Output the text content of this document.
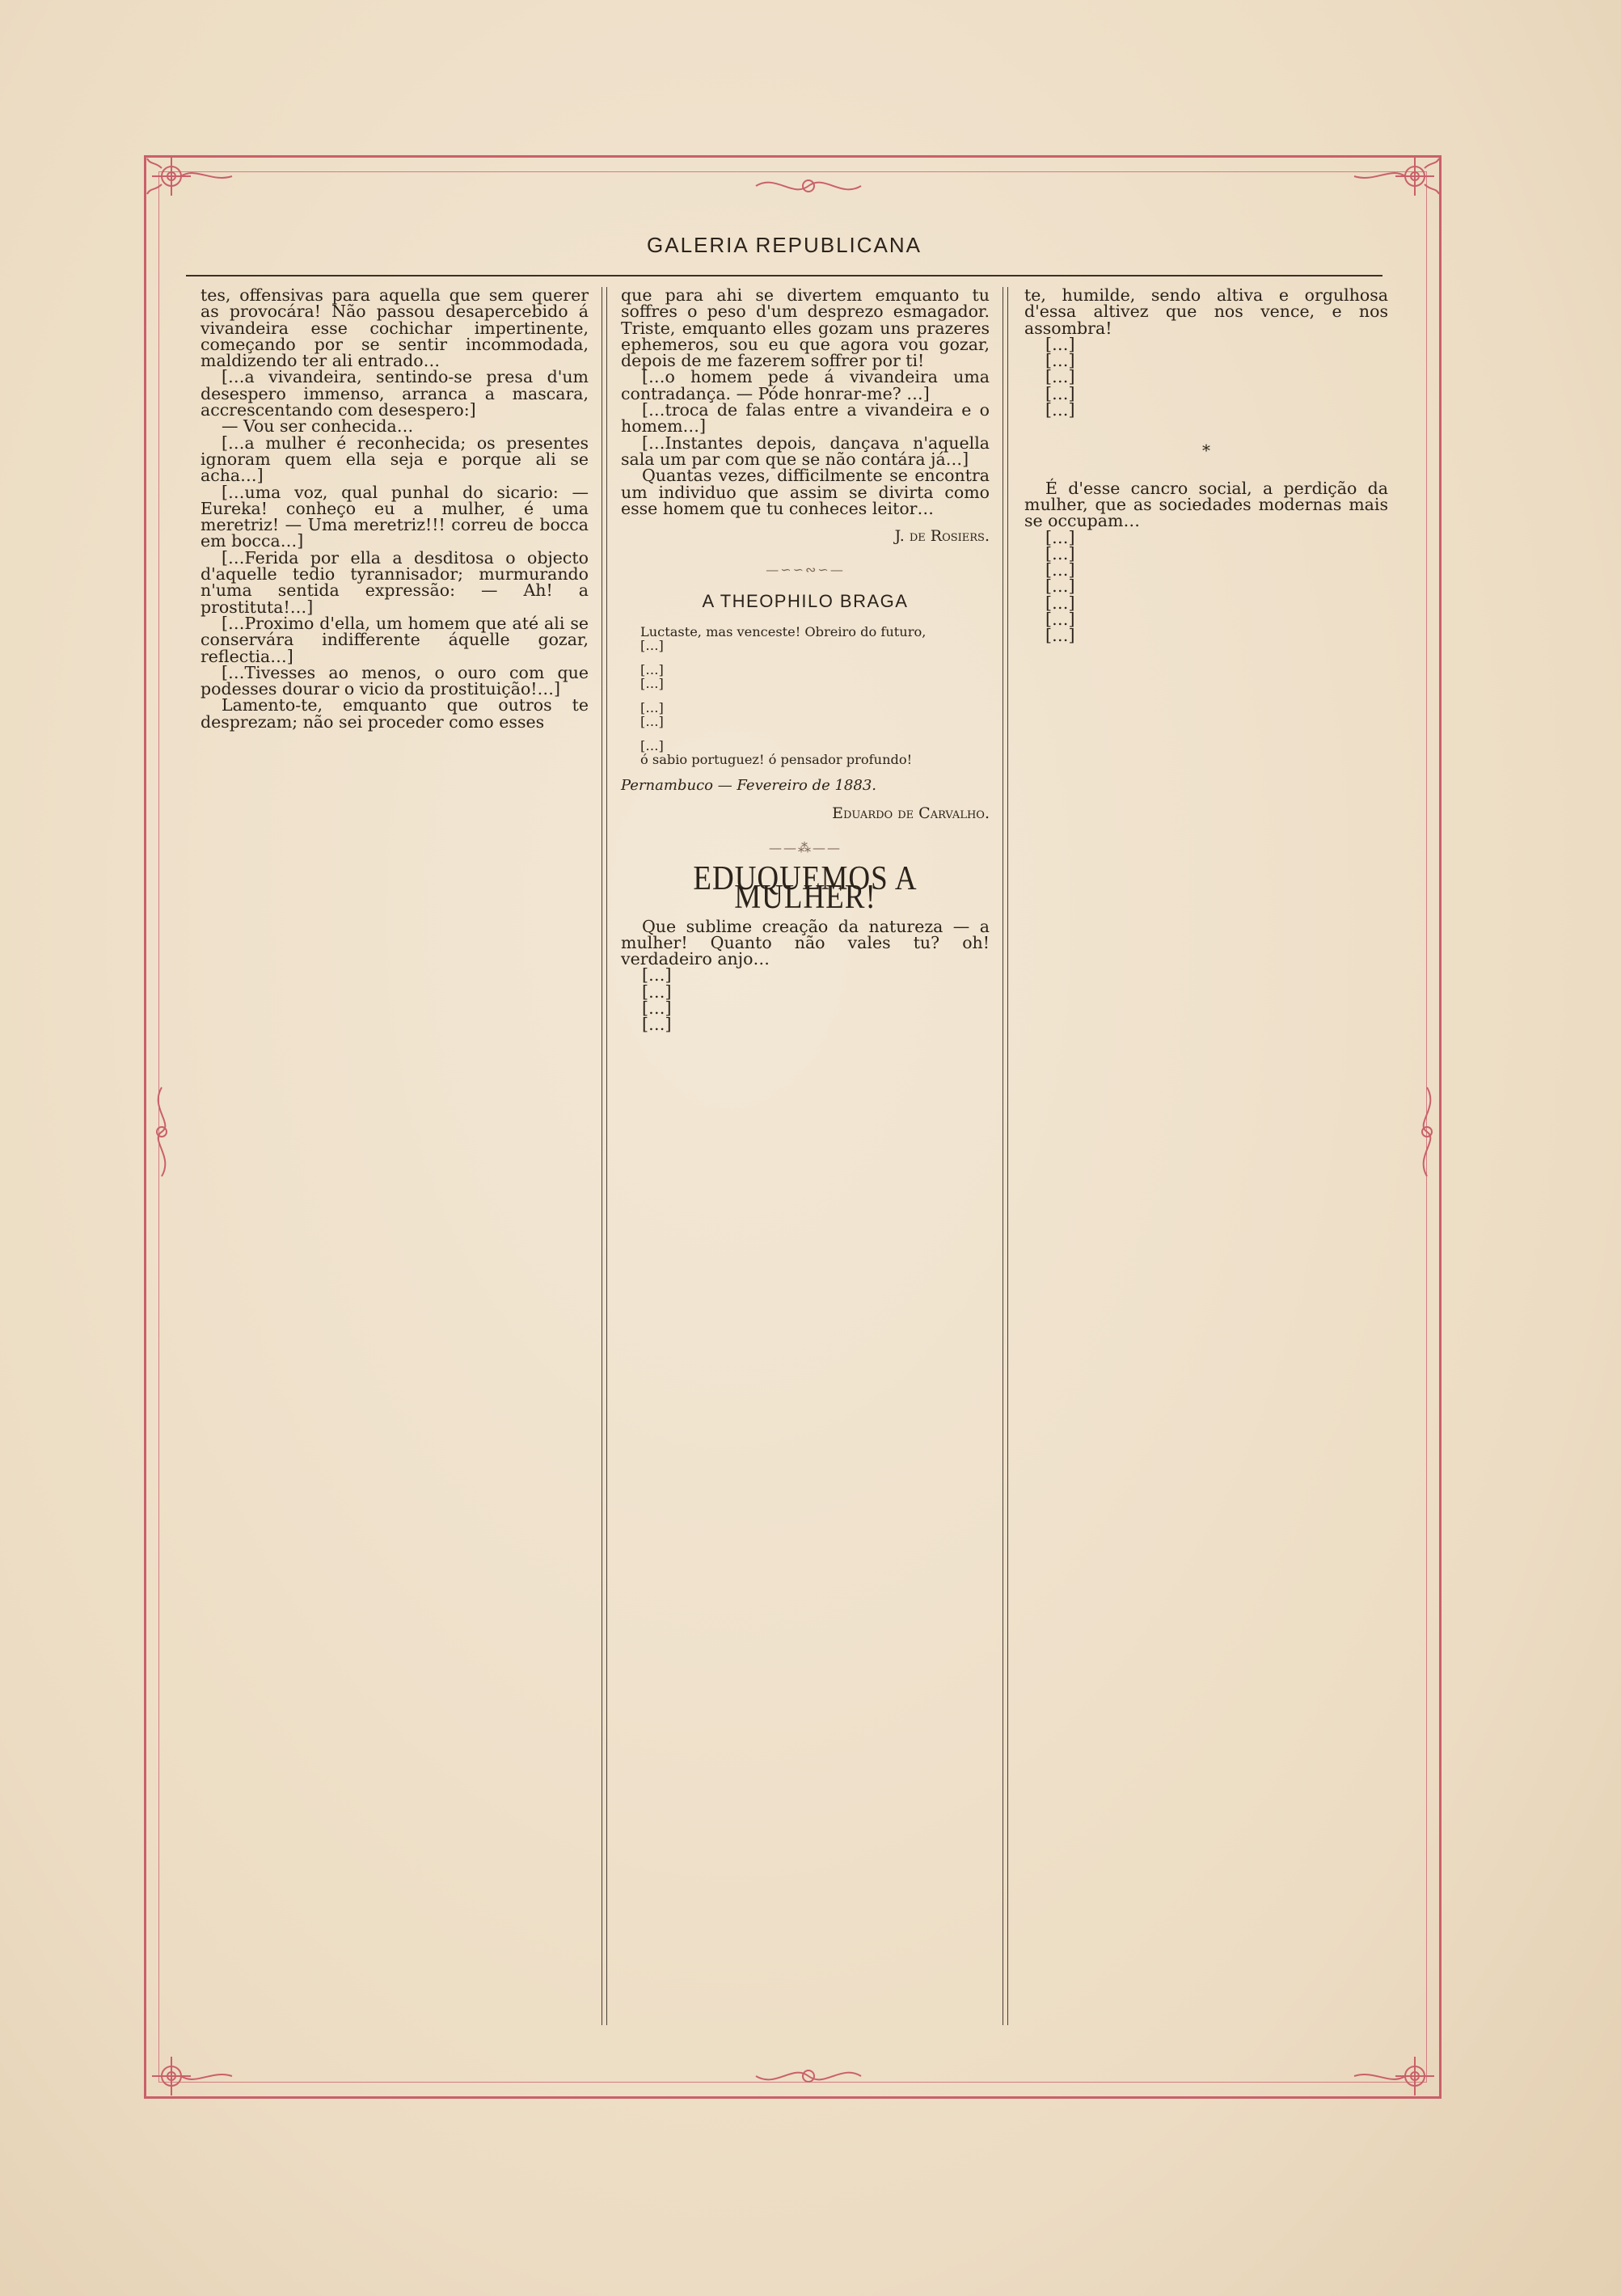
GALERIA REPUBLICANA

tes, offensivas para aquella que sem querer as provocára! Não passou desapercebido á vivandeira esse cochichar impertinente, começando por se sentir incommodada, maldizendo ter ali entrado…

[…a vivandeira, sentindo-se presa d'um desespero immenso, arranca a mascara, accrescentando com desespero:]

— Vou ser conhecida…

[…a mulher é reconhecida; os presentes ignoram quem ella seja e porque ali se acha…]

[…uma voz, qual punhal do sicario: — Eureka! conheço eu a mulher, é uma meretriz! — Uma meretriz!!! correu de bocca em bocca…]

[…Ferida por ella a desditosa o objecto d'aquelle tedio tyrannisador; murmurando n'uma sentida expressão: — Ah! a prostituta!…]

[…Proximo d'ella, um homem que até ali se conservára indifferente áquelle gozar, reflectia…]

[…Tivesses ao menos, o ouro com que podesses dourar o vicio da prostituição!…]

Lamento-te, emquanto que outros te desprezam; não sei proceder como esses

que para ahi se divertem emquanto tu soffres o peso d'um desprezo esmagador. Triste, emquanto elles gozam uns prazeres ephemeros, sou eu que agora vou gozar, depois de me fazerem soffrer por ti!

[…o homem pede á vivandeira uma contradança. — Póde honrar-me? …]

[…troca de falas entre a vivandeira e o homem…]

[…Instantes depois, dançava n'aquella sala um par com que se não contára já…]

Quantas vezes, difficilmente se encontra um individuo que assim se divirta como esse homem que tu conheces leitor…

J. de Rosiers.
—∽∽∾∽—
A THEOPHILO BRAGA
Luctaste, mas venceste! Obreiro do futuro,
[…]
[…]
[…]
[…]
[…]
[…]
ó sabio portuguez! ó pensador profundo!
Pernambuco — Fevereiro de 1883.
Eduardo de Carvalho.
——⁂——
EDUQUEMOS A MULHER!

Que sublime creação da natureza — a mulher! Quanto não vales tu? oh! verdadeiro anjo…

[…]

[…]

[…]

[…]

te, humilde, sendo altiva e orgulhosa d'essa altivez que nos vence, e nos assombra!

[…]

[…]

[…]

[…]

[…]

*

É d'esse cancro social, a perdição da mulher, que as sociedades modernas mais se occupam…

[…]

[…]

[…]

[…]

[…]

[…]

[…]
